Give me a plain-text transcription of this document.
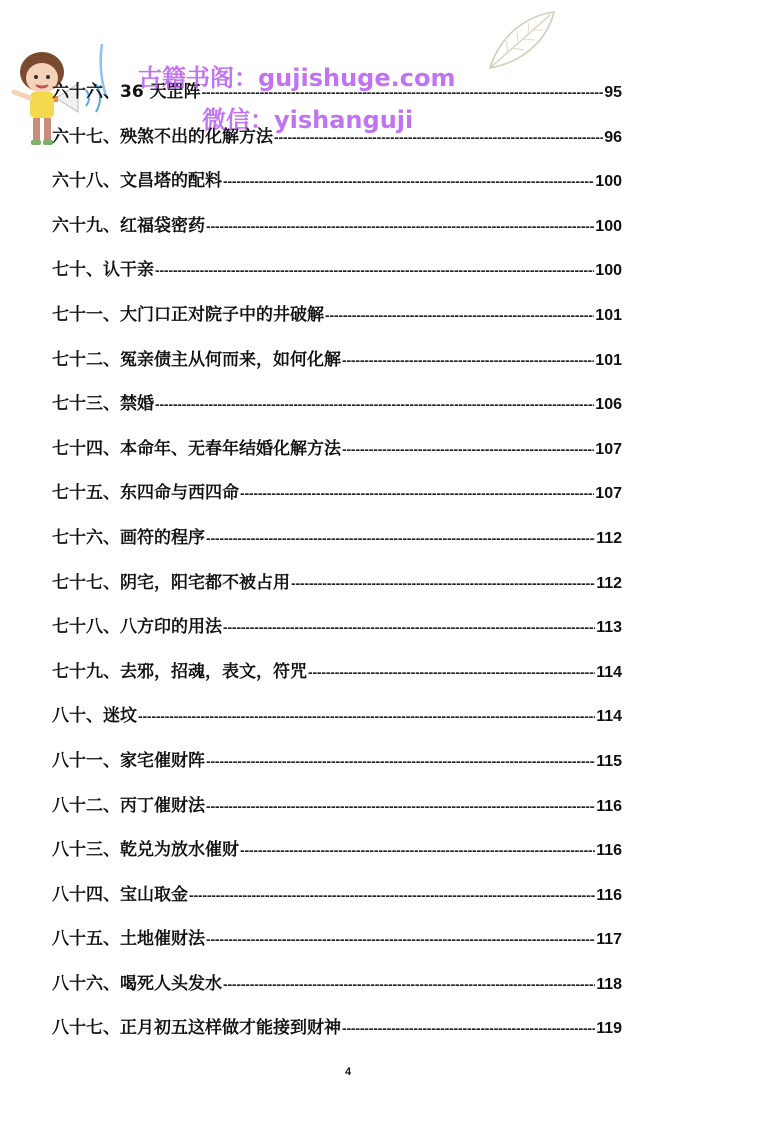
六十六、36 天罡阵 -----	95
六十七、殃煞不出的化解方法 -----	96
六十八、文昌塔的配料 -----	100
六十九、红福袋密药 -----	100
七十、认干亲 -----	100
七十一、大门口正对院子中的井破解 -----	101
七十二、冤亲债主从何而来，如何化解 -----	101
七十三、禁婚 -----	106
七十四、本命年、无春年结婚化解方法 -----	107
七十五、东四命与西四命 -----	107
七十六、画符的程序 -----	112
七十七、阴宅，阳宅都不被占用 -----	112
七十八、八方印的用法 -----	113
七十九、去邪，招魂，表文，符咒 -----	114
八十、迷坟 -----	114
八十一、家宅催财阵 -----	115
八十二、丙丁催财法 -----	116
八十三、乾兑为放水催财 -----	116
八十四、宝山取金 -----	116
八十五、土地催财法 -----	117
八十六、喝死人头发水 -----	118
八十七、正月初五这样做才能接到财神 -----	119
古籍书阁：gujishuge.com
微信：yishanguji
4
